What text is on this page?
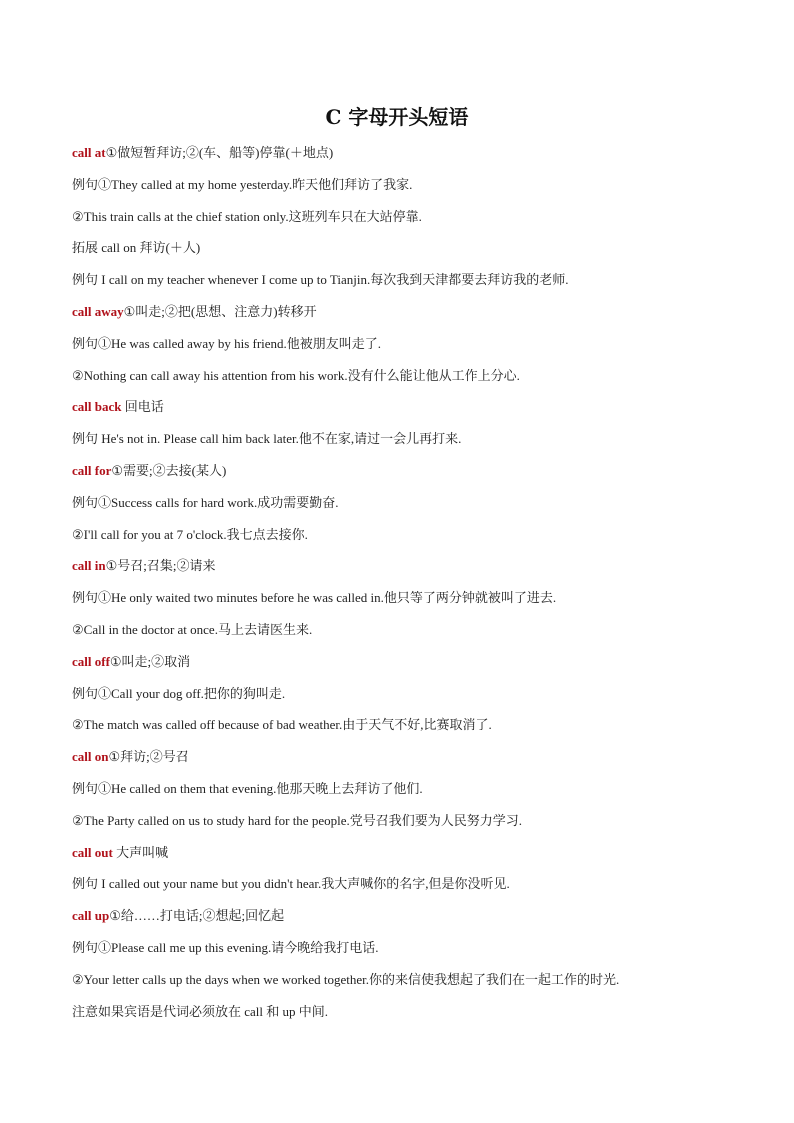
C 字母开头短语
call at①做短暂拜访;②(车、船等)停靠(＋地点)
例句①They called at my home yesterday.昨天他们拜访了我家.
②This train calls at the chief station only.这班列车只在大站停靠.
拓展 call on 拜访(＋人)
例句 I call on my teacher whenever I come up to Tianjin.每次我到天津都要去拜访我的老师.
call away①叫走;②把(思想、注意力)转移开
例句①He was called away by his friend.他被朋友叫走了.
②Nothing can call away his attention from his work.没有什么能让他从工作上分心.
call back 回电话
例句 He's not in. Please call him back later.他不在家,请过一会儿再打来.
call for①需要;②去接(某人)
例句①Success calls for hard work.成功需要勤奋.
②I'll call for you at 7 o'clock.我七点去接你.
call in①号召;召集;②请来
例句①He only waited two minutes before he was called in.他只等了两分钟就被叫了进去.
②Call in the doctor at once.马上去请医生来.
call off①叫走;②取消
例句①Call your dog off.把你的狗叫走.
②The match was called off because of bad weather.由于天气不好,比赛取消了.
call on①拜访;②号召
例句①He called on them that evening.他那天晚上去拜访了他们.
②The Party called on us to study hard for the people.党号召我们要为人民努力学习.
call out 大声叫喊
例句 I called out your name but you didn't hear.我大声喊你的名字,但是你没听见.
call up①给……打电话;②想起;回忆起
例句①Please call me up this evening.请今晚给我打电话.
②Your letter calls up the days when we worked together.你的来信使我想起了我们在一起工作的时光.
注意如果宾语是代词必须放在 call 和 up 中间.
